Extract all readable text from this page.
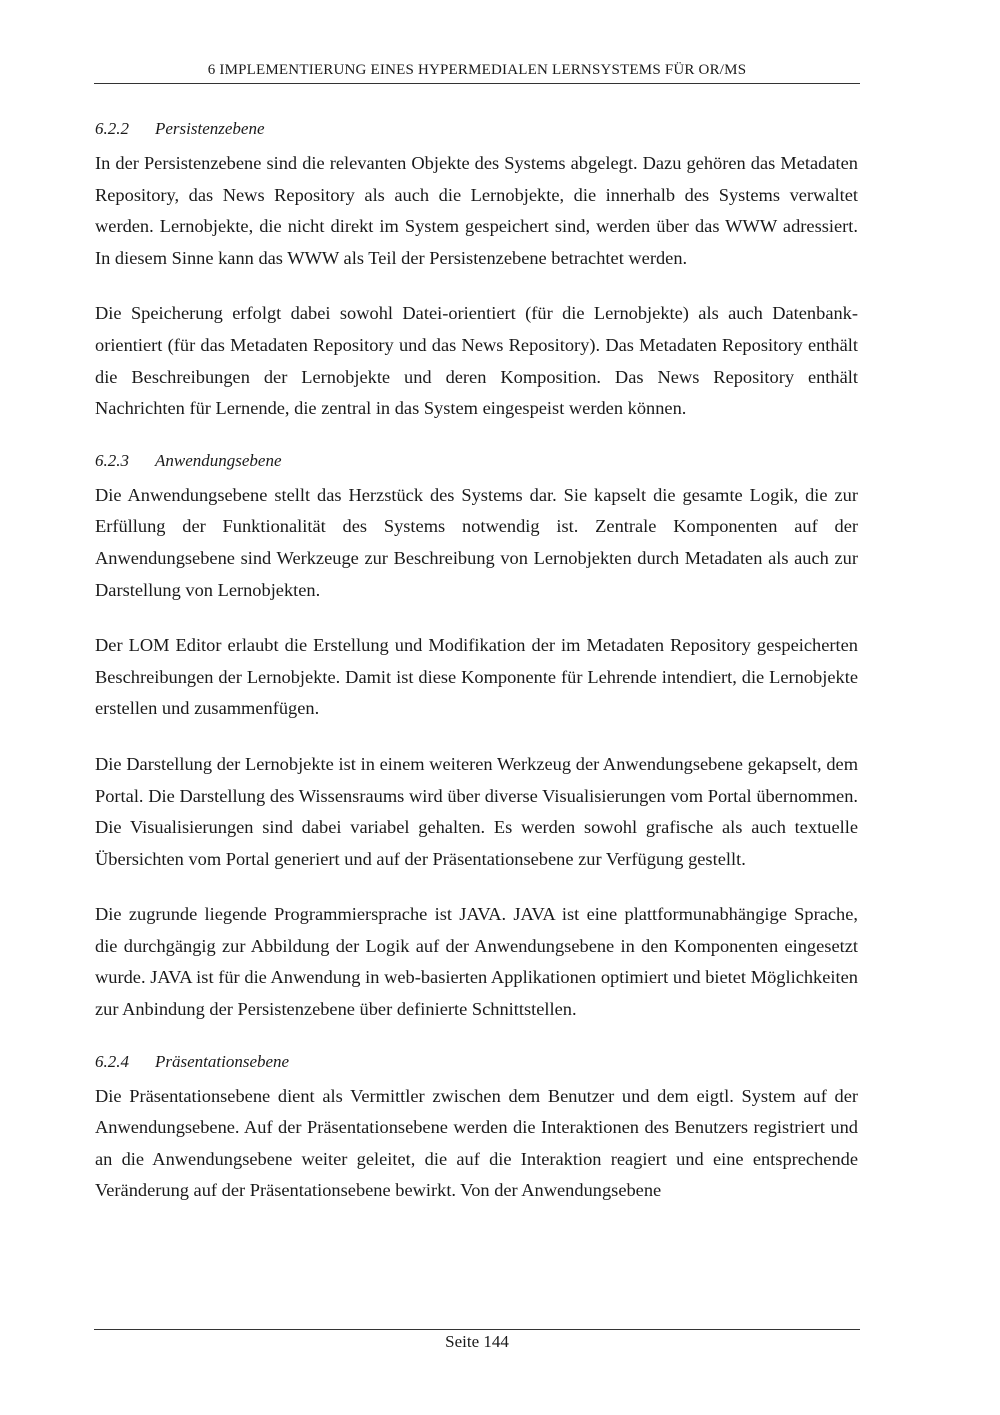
6 IMPLEMENTIERUNG EINES HYPERMEDIALEN LERNSYSTEMS FÜR OR/MS
6.2.2 Persistenzebene

In der Persistenzebene sind die relevanten Objekte des Systems abgelegt. Dazu gehören das Metadaten Repository, das News Repository als auch die Lernobjekte, die innerhalb des Systems verwaltet werden. Lernobjekte, die nicht direkt im System gespeichert sind, werden über das WWW adressiert. In diesem Sinne kann das WWW als Teil der Persistenzebene betrachtet werden.

Die Speicherung erfolgt dabei sowohl Datei-orientiert (für die Lernobjekte) als auch Datenbank-orientiert (für das Metadaten Repository und das News Repository). Das Metadaten Repository enthält die Beschreibungen der Lernobjekte und deren Komposition. Das News Repository enthält Nachrichten für Lernende, die zentral in das System eingespeist werden können.

6.2.3 Anwendungsebene

Die Anwendungsebene stellt das Herzstück des Systems dar. Sie kapselt die gesamte Logik, die zur Erfüllung der Funktionalität des Systems notwendig ist. Zentrale Komponenten auf der Anwendungsebene sind Werkzeuge zur Beschreibung von Lernobjekten durch Metadaten als auch zur Darstellung von Lernobjekten.

Der LOM Editor erlaubt die Erstellung und Modifikation der im Metadaten Repository gespeicherten Beschreibungen der Lernobjekte. Damit ist diese Komponente für Lehrende intendiert, die Lernobjekte erstellen und zusammenfügen.

Die Darstellung der Lernobjekte ist in einem weiteren Werkzeug der Anwendungsebene gekapselt, dem Portal. Die Darstellung des Wissensraums wird über diverse Visualisierungen vom Portal übernommen. Die Visualisierungen sind dabei variabel gehalten. Es werden sowohl grafische als auch textuelle Übersichten vom Portal generiert und auf der Präsentationsebene zur Verfügung gestellt.

Die zugrunde liegende Programmiersprache ist JAVA. JAVA ist eine plattformunabhängige Sprache, die durchgängig zur Abbildung der Logik auf der Anwendungsebene in den Komponenten eingesetzt wurde. JAVA ist für die Anwendung in web-basierten Applikationen optimiert und bietet Möglichkeiten zur Anbindung der Persistenzebene über definierte Schnittstellen.

6.2.4 Präsentationsebene

Die Präsentationsebene dient als Vermittler zwischen dem Benutzer und dem eigtl. System auf der Anwendungsebene. Auf der Präsentationsebene werden die Interaktionen des Benutzers registriert und an die Anwendungsebene weiter geleitet, die auf die Interaktion reagiert und eine entsprechende Veränderung auf der Präsentationsebene bewirkt. Von der Anwendungsebene

Seite 144
